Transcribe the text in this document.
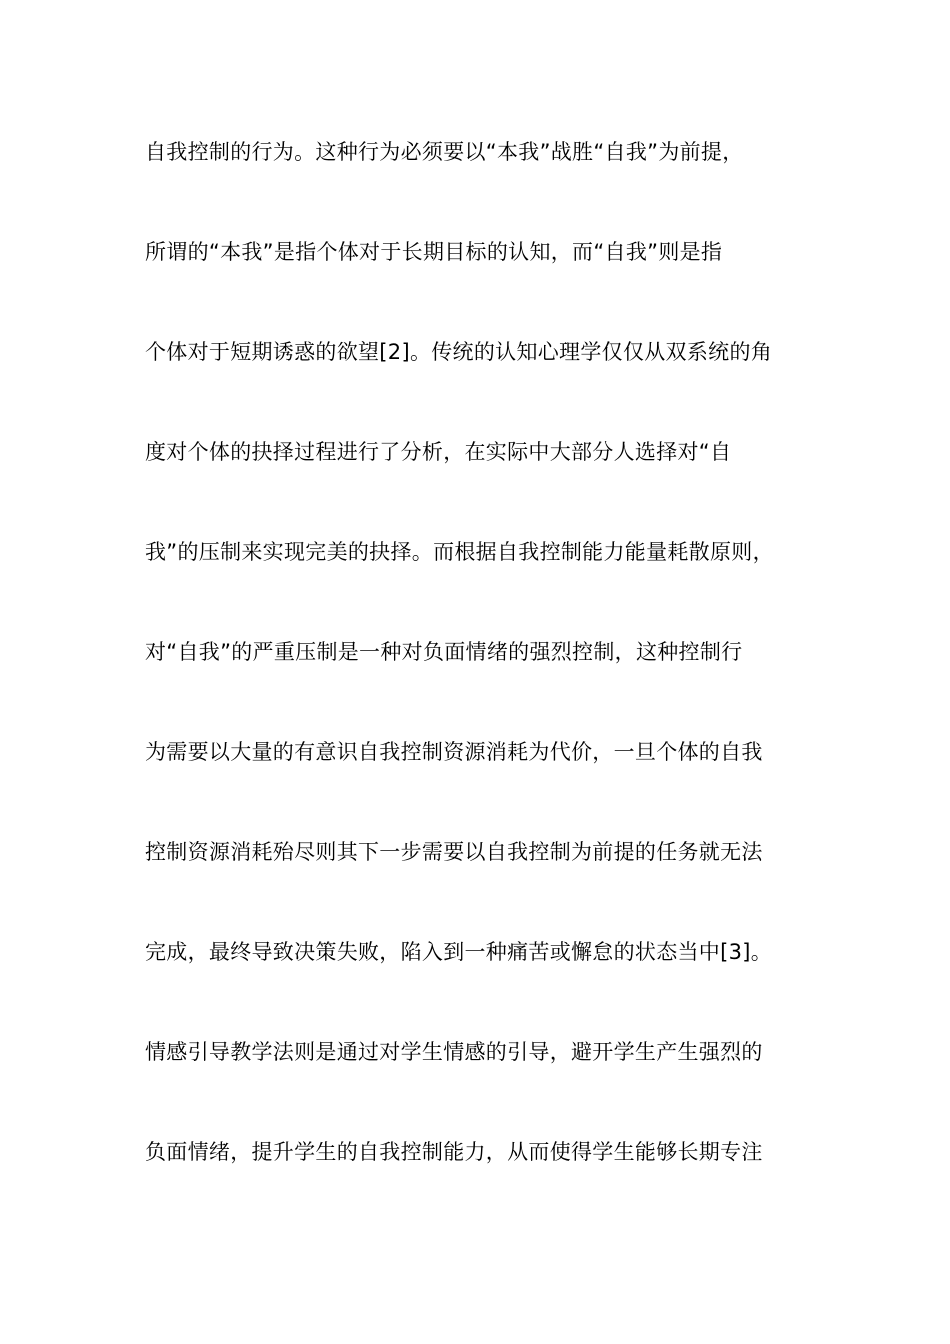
自我控制的行为。这种行为必须要以“本我”战胜“自我”为前提，
所谓的“本我”是指个体对于长期目标的认知，而“自我”则是指
个体对于短期诱惑的欲望[2]。传统的认知心理学仅仅从双系统的角
度对个体的抉择过程进行了分析，在实际中大部分人选择对“自
我”的压制来实现完美的抉择。而根据自我控制能力能量耗散原则，
对“自我”的严重压制是一种对负面情绪的强烈控制，这种控制行
为需要以大量的有意识自我控制资源消耗为代价，一旦个体的自我
控制资源消耗殆尽则其下一步需要以自我控制为前提的任务就无法
完成，最终导致决策失败，陷入到一种痛苦或懈怠的状态当中[3]。
情感引导教学法则是通过对学生情感的引导，避开学生产生强烈的
负面情绪，提升学生的自我控制能力，从而使得学生能够长期专注
